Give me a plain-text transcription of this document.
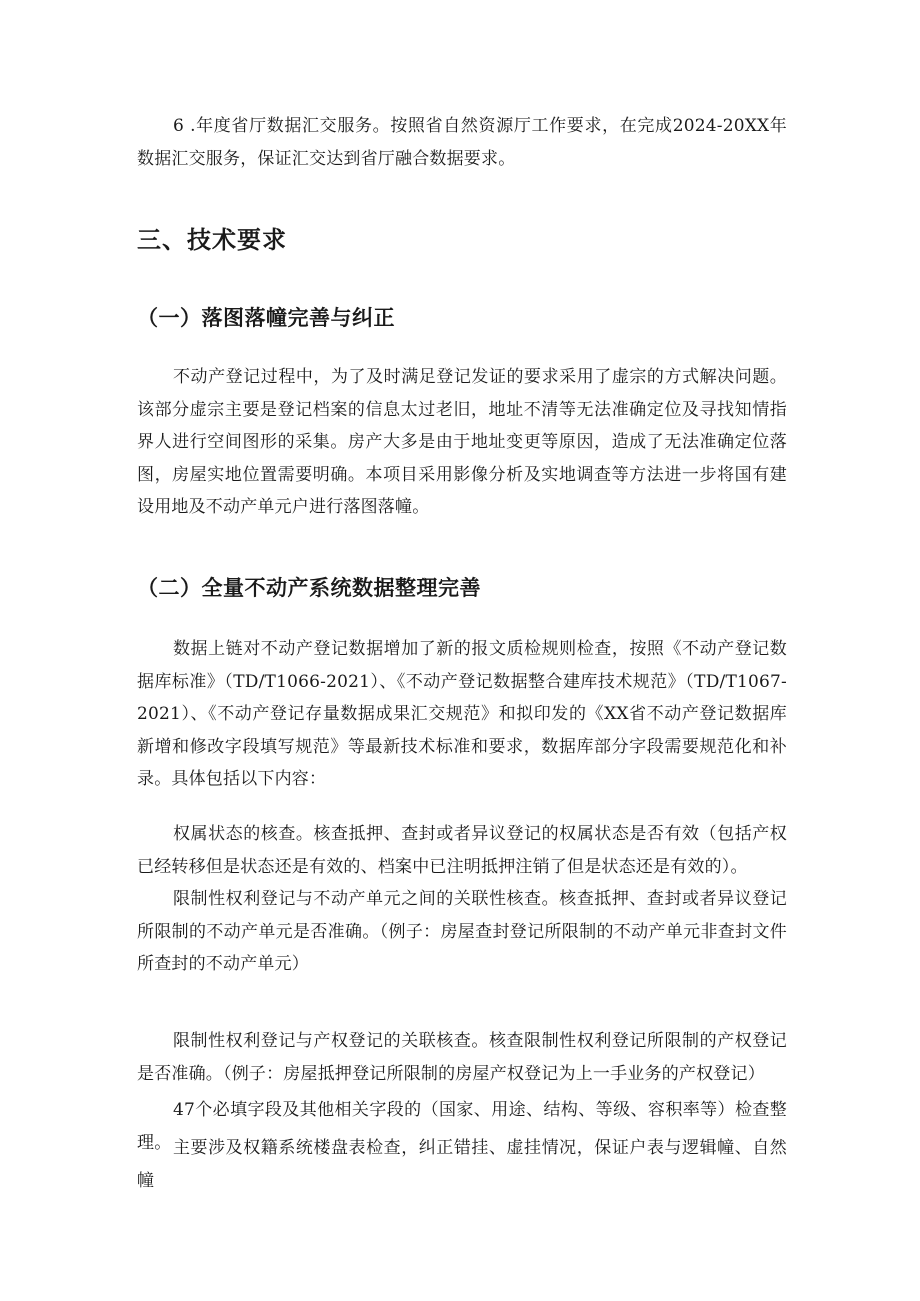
6 .年度省厅数据汇交服务。按照省自然资源厅工作要求，在完成2024-20XX年数据汇交服务，保证汇交达到省厅融合数据要求。

三、技术要求
（一）落图落幢完善与纠正

不动产登记过程中，为了及时满足登记发证的要求采用了虚宗的方式解决问题。该部分虚宗主要是登记档案的信息太过老旧，地址不清等无法准确定位及寻找知情指界人进行空间图形的采集。房产大多是由于地址变更等原因，造成了无法准确定位落图，房屋实地位置需要明确。本项目采用影像分析及实地调查等方法进一步将国有建设用地及不动产单元户进行落图落幢。

（二）全量不动产系统数据整理完善

数据上链对不动产登记数据增加了新的报文质检规则检查，按照《不动产登记数据库标准》（TD/T1066-2021）、《不动产登记数据整合建库技术规范》（TD/T1067-2021）、《不动产登记存量数据成果汇交规范》和拟印发的《XX省不动产登记数据库新增和修改字段填写规范》等最新技术标准和要求，数据库部分字段需要规范化和补录。具体包括以下内容：

权属状态的核查。核查抵押、查封或者异议登记的权属状态是否有效（包括产权已经转移但是状态还是有效的、档案中已注明抵押注销了但是状态还是有效的）。

限制性权利登记与不动产单元之间的关联性核查。核查抵押、查封或者异议登记所限制的不动产单元是否准确。（例子：房屋查封登记所限制的不动产单元非查封文件所查封的不动产单元）

限制性权利登记与产权登记的关联核查。核查限制性权利登记所限制的产权登记是否准确。（例子：房屋抵押登记所限制的房屋产权登记为上一手业务的产权登记）

47个必填字段及其他相关字段的（国家、用途、结构、等级、容积率等）检查整理。 主要涉及权籍系统楼盘表检查，纠正错挂、虚挂情况，保证户表与逻辑幢、自然幢
